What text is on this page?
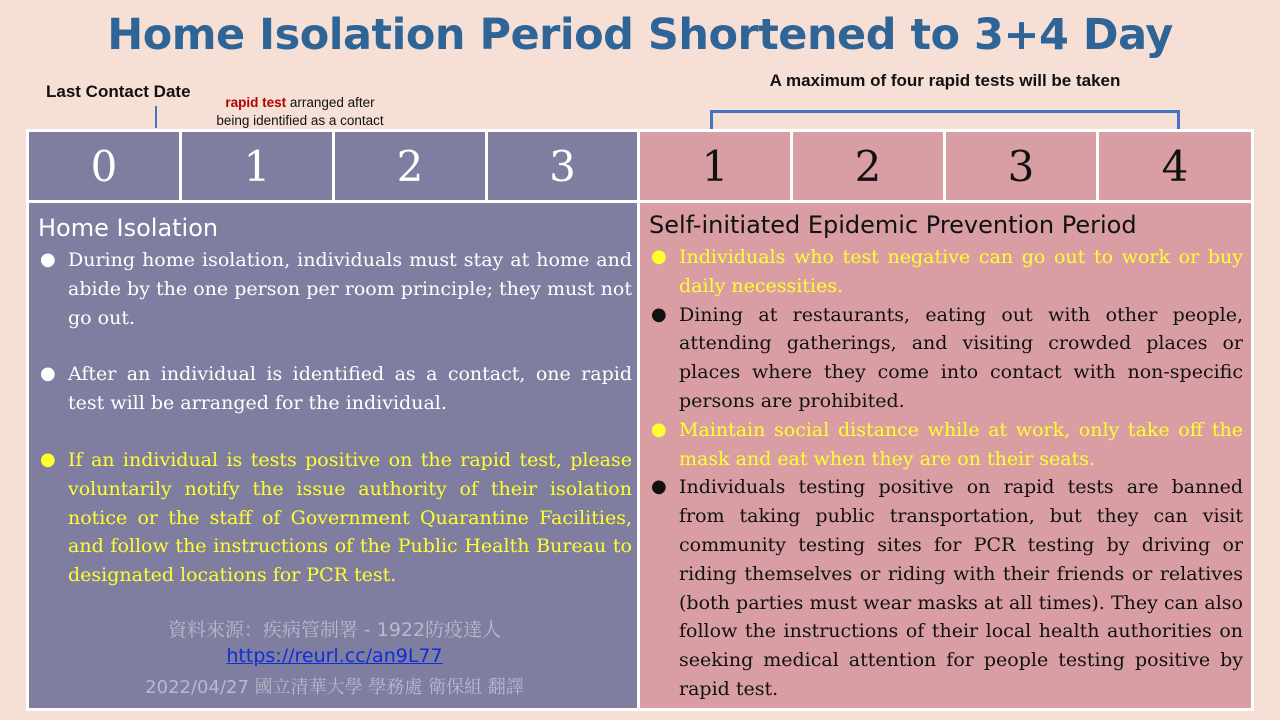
Home Isolation Period Shortened to 3+4 Day
Last Contact Date
rapid test arranged after
being identified as a contact
A maximum of four rapid tests will be taken
0	1	2	3	1	2	3	4
Home Isolation
● During home isolation, individuals must stay at home and abide by the one person per room principle; they must not go out.
● After an individual is identified as a contact, one rapid test will be arranged for the individual.
● If an individual is tests positive on the rapid test, please voluntarily notify the issue authority of their isolation notice or the staff of Government Quarantine Facilities, and follow the instructions of the Public Health Bureau to designated locations for PCR test.
資料來源：疾病管制署 - 1922防疫達人
https://reurl.cc/an9L77
2022/04/27 國立清華大學 學務處 衛保組 翻譯
Self-initiated Epidemic Prevention Period
● Individuals who test negative can go out to work or buy daily necessities.
● Dining at restaurants, eating out with other people, attending gatherings, and visiting crowded places or places where they come into contact with non-specific persons are prohibited.
● Maintain social distance while at work, only take off the mask and eat when they are on their seats.
● Individuals testing positive on rapid tests are banned from taking public transportation, but they can visit community testing sites for PCR testing by driving or riding themselves or riding with their friends or relatives (both parties must wear masks at all times). They can also follow the instructions of their local health authorities on seeking medical attention for people testing positive by rapid test.
